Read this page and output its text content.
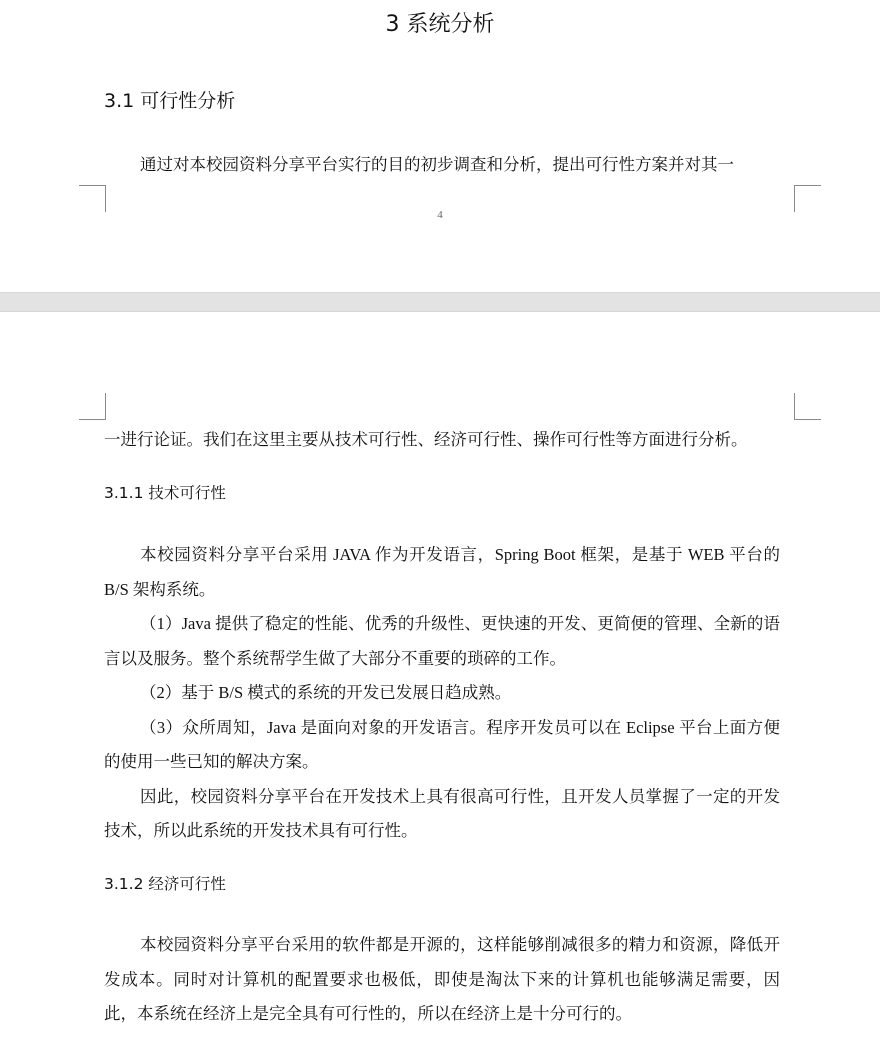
3 系统分析
3.1 可行性分析

通过对本校园资料分享平台实行的目的初步调查和分析，提出可行性方案并对其一

4

一进行论证。我们在这里主要从技术可行性、经济可行性、操作可行性等方面进行分析。

3.1.1 技术可行性

本校园资料分享平台采用 JAVA 作为开发语言，Spring Boot 框架，是基于 WEB 平台的 B/S 架构系统。

（1）Java 提供了稳定的性能、优秀的升级性、更快速的开发、更简便的管理、全新的语言以及服务。整个系统帮学生做了大部分不重要的琐碎的工作。

（2）基于 B/S 模式的系统的开发已发展日趋成熟。

（3）众所周知，Java 是面向对象的开发语言。程序开发员可以在 Eclipse 平台上面方便的使用一些已知的解决方案。

因此，校园资料分享平台在开发技术上具有很高可行性，且开发人员掌握了一定的开发技术，所以此系统的开发技术具有可行性。

3.1.2 经济可行性

本校园资料分享平台采用的软件都是开源的，这样能够削减很多的精力和资源，降低开发成本。同时对计算机的配置要求也极低，即使是淘汰下来的计算机也能够满足需要，因此，本系统在经济上是完全具有可行性的，所以在经济上是十分可行的。
